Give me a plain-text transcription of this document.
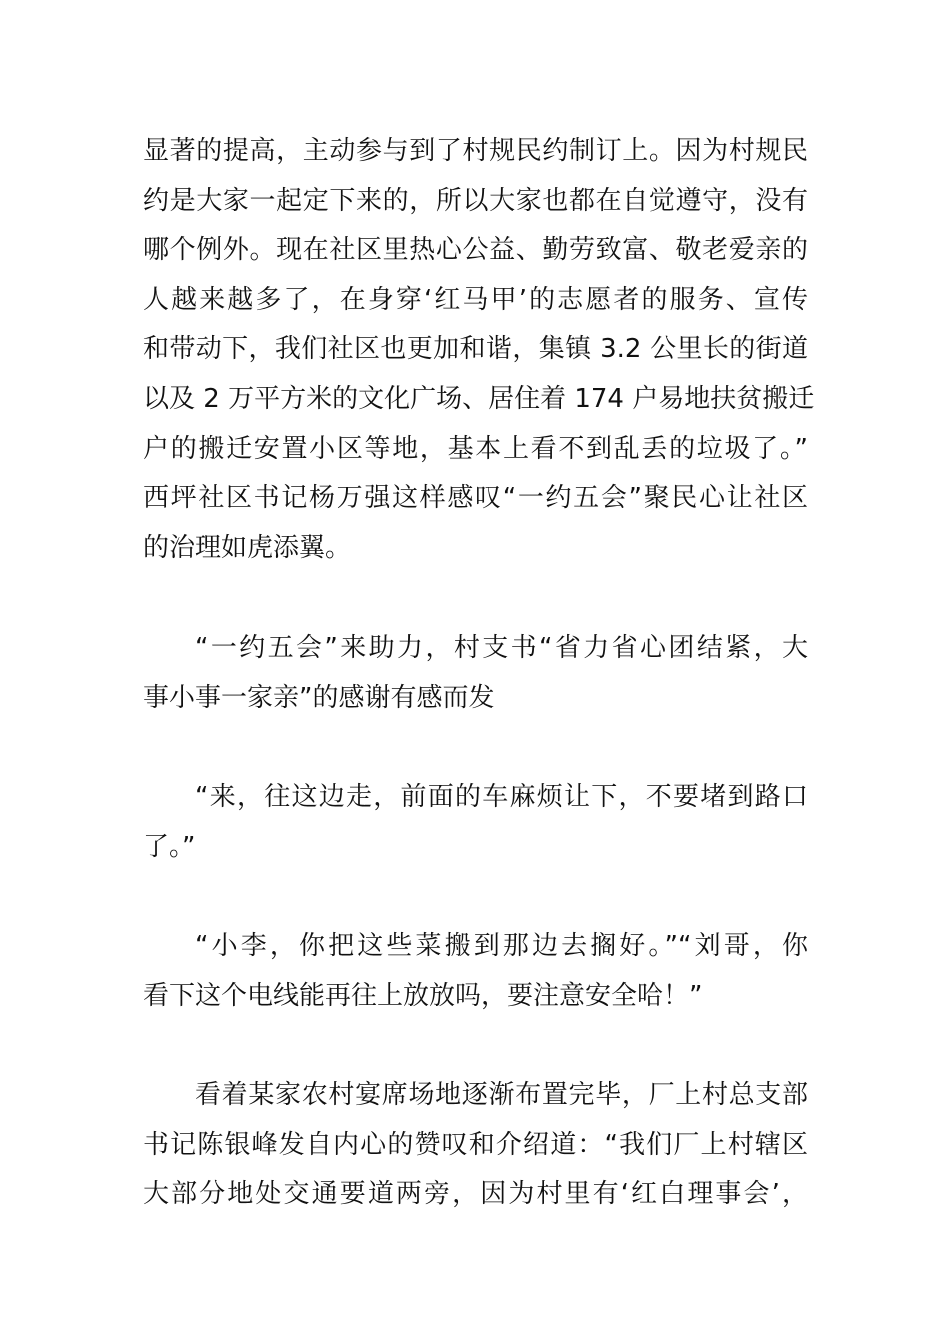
显著的提高，主动参与到了村规民约制订上。因为村规民
约是大家一起定下来的，所以大家也都在自觉遵守，没有
哪个例外。现在社区里热心公益、勤劳致富、敬老爱亲的
人越来越多了，在身穿‘红马甲’的志愿者的服务、宣传
和带动下，我们社区也更加和谐，集镇 3.2 公里长的街道
以及 2 万平方米的文化广场、居住着 174 户易地扶贫搬迁
户的搬迁安置小区等地，基本上看不到乱丢的垃圾了。”
西坪社区书记杨万强这样感叹“一约五会”聚民心让社区
的治理如虎添翼。
“一约五会”来助力，村支书“省力省心团结紧，大
事小事一家亲”的感谢有感而发
“来，往这边走，前面的车麻烦让下，不要堵到路口
了。”
“小李，你把这些菜搬到那边去搁好。”“刘哥，你
看下这个电线能再往上放放吗，要注意安全哈！”
看着某家农村宴席场地逐渐布置完毕，厂上村总支部
书记陈银峰发自内心的赞叹和介绍道：“我们厂上村辖区
大部分地处交通要道两旁，因为村里有‘红白理事会’，
